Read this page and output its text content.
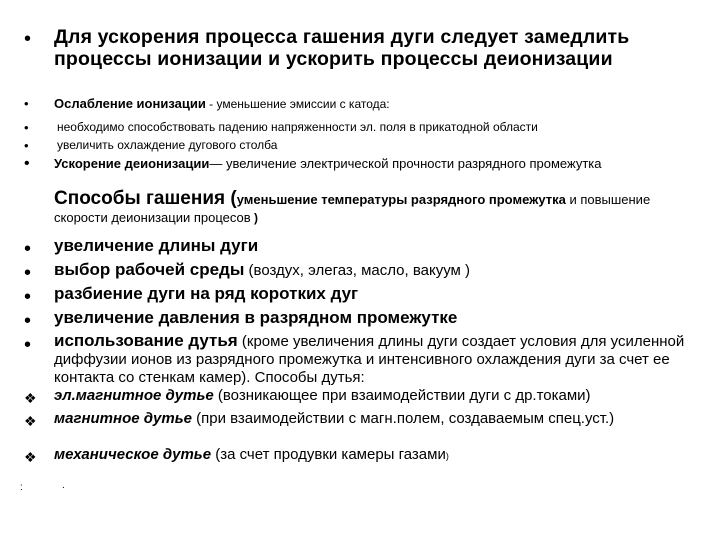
•	Для ускорения процесса гашения дуги следует замедлить процессы ионизации и ускорить процессы деионизации
•	Ослабление ионизации - уменьшение эмиссии с катода:
•	необходимо способствовать падению напряженности эл. поля в прикатодной области
•	увеличить охлаждение дугового столба
•	Ускорение деионизации— увеличение электрической прочности разрядного промежутка
Способы гашения (уменьшение температуры разрядного промежутка и повышение скорости деионизации процесов )
•	увеличение длины дуги
•	выбор рабочей среды (воздух, элегаз, масло, вакуум )
•	разбиение дуги на ряд коротких дуг
•	увеличение давления в разрядном промежутке
•	использование дутья (кроме увеличения длины дуги создает условия для усиленной диффузии ионов из разрядного промежутка и интенсивного охлаждения дуги за счет ее контакта со стенкам камер). Способы дутья:
❖	эл.магнитное дутье (возникающее при взаимодействии дуги с др.токами)
❖	магнитное дутье (при взаимодействии с магн.полем, создаваемым спец.уст.)
❖	механическое дутье (за счет продувки камеры газами)
:	.
